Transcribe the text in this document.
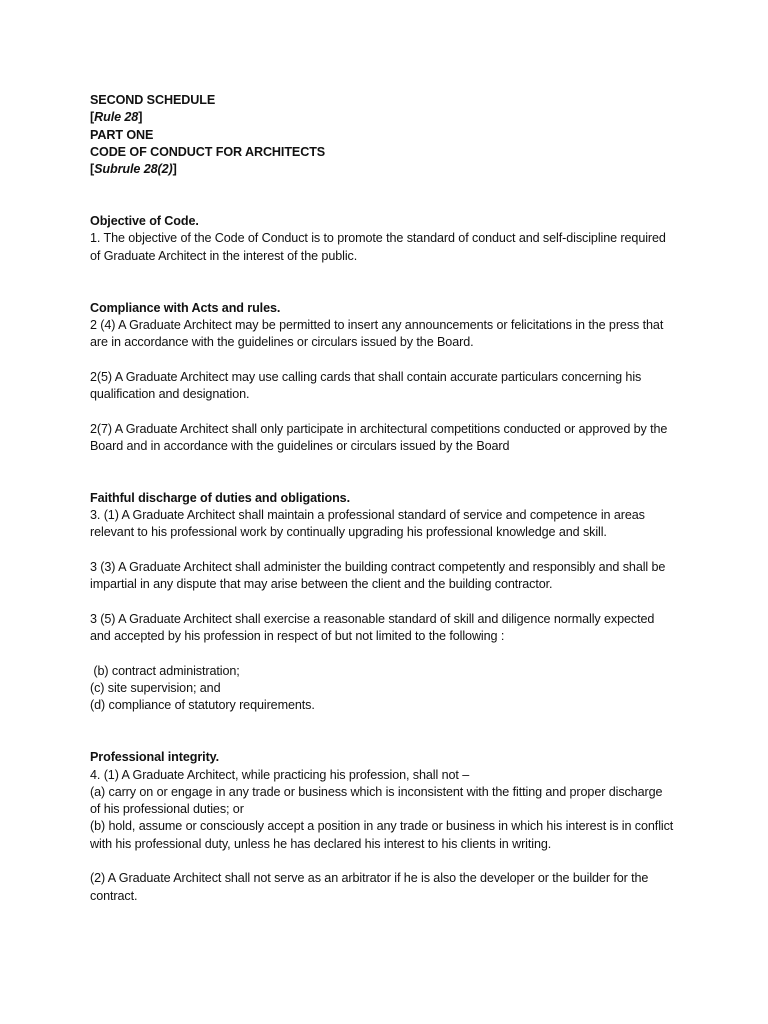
SECOND SCHEDULE
[Rule 28]
PART ONE
CODE OF CONDUCT FOR ARCHITECTS
[Subrule 28(2)]
Objective of Code.

1. The objective of the Code of Conduct is to promote the standard of conduct and self-discipline required of Graduate Architect in the interest of the public.

Compliance with Acts and rules.

2 (4) A Graduate Architect may be permitted to insert any announcements or felicitations in the press that are in accordance with the guidelines or circulars issued by the Board.

2(5) A Graduate Architect may use calling cards that shall contain accurate particulars concerning his qualification and designation.

2(7) A Graduate Architect shall only participate in architectural competitions conducted or approved by the Board and in accordance with the guidelines or circulars issued by the Board

Faithful discharge of duties and obligations.

3. (1) A Graduate Architect shall maintain a professional standard of service and competence in areas relevant to his professional work by continually upgrading his professional knowledge and skill.

3 (3) A Graduate Architect shall administer the building contract competently and responsibly and shall be impartial in any dispute that may arise between the client and the building contractor.

3 (5) A Graduate Architect shall exercise a reasonable standard of skill and diligence normally expected and accepted by his profession in respect of but not limited to the following :

(b) contract administration;
(c) site supervision; and
(d) compliance of statutory requirements.
Professional integrity.

4. (1) A Graduate Architect, while practicing his profession, shall not –

(a) carry on or engage in any trade or business which is inconsistent with the fitting and proper discharge of his professional duties; or

(b) hold, assume or consciously accept a position in any trade or business in which his interest is in conflict with his professional duty, unless he has declared his interest to his clients in writing.

(2) A Graduate Architect shall not serve as an arbitrator if he is also the developer or the builder for the contract.
